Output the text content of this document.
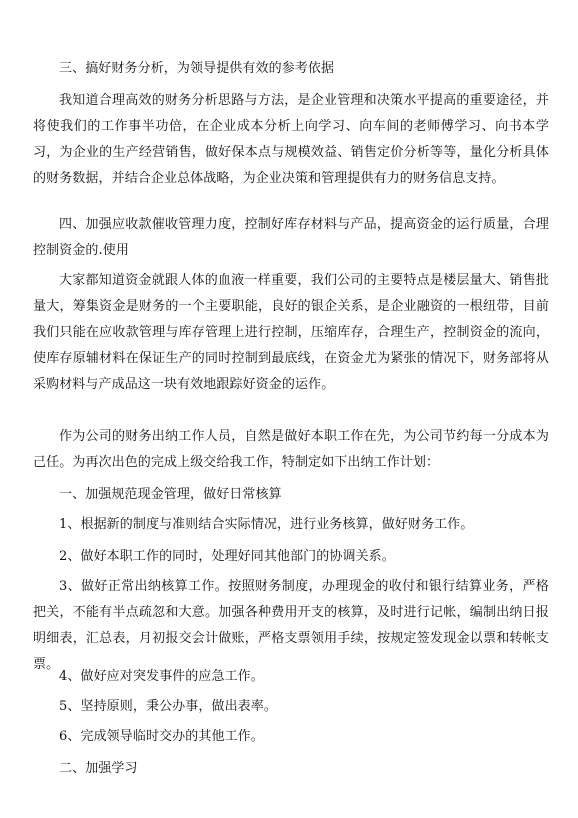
三、搞好财务分析，为领导提供有效的参考依据

我知道合理高效的财务分析思路与方法，是企业管理和决策水平提高的重要途径，并将使我们的工作事半功倍，在企业成本分析上向学习、向车间的老师傅学习、向书本学习，为企业的生产经营销售，做好保本点与规模效益、销售定价分析等等，量化分析具体的财务数据，并结合企业总体战略，为企业决策和管理提供有力的财务信息支持。

四、加强应收款催收管理力度，控制好库存材料与产品，提高资金的运行质量，合理控制资金的.使用

大家都知道资金就跟人体的血液一样重要，我们公司的主要特点是楼层量大、销售批量大，筹集资金是财务的一个主要职能，良好的银企关系，是企业融资的一根纽带，目前我们只能在应收款管理与库存管理上进行控制，压缩库存，合理生产，控制资金的流向，使库存原辅材料在保证生产的同时控制到最底线，在资金尤为紧张的情况下，财务部将从采购材料与产成品这一块有效地跟踪好资金的运作。

作为公司的财务出纳工作人员，自然是做好本职工作在先，为公司节约每一分成本为己任。为再次出色的完成上级交给我工作，特制定如下出纳工作计划：

一、加强规范现金管理，做好日常核算

1、根据新的制度与准则结合实际情况，进行业务核算，做好财务工作。

2、做好本职工作的同时，处理好同其他部门的协调关系。

3、做好正常出纳核算工作。按照财务制度，办理现金的收付和银行结算业务，严格把关，不能有半点疏忽和大意。加强各种费用开支的核算，及时进行记帐，编制出纳日报明细表，汇总表，月初报交会计做账，严格支票领用手续，按规定签发现金以票和转帐支票。

4、做好应对突发事件的应急工作。

5、坚持原则，秉公办事，做出表率。

6、完成领导临时交办的其他工作。

二、加强学习
